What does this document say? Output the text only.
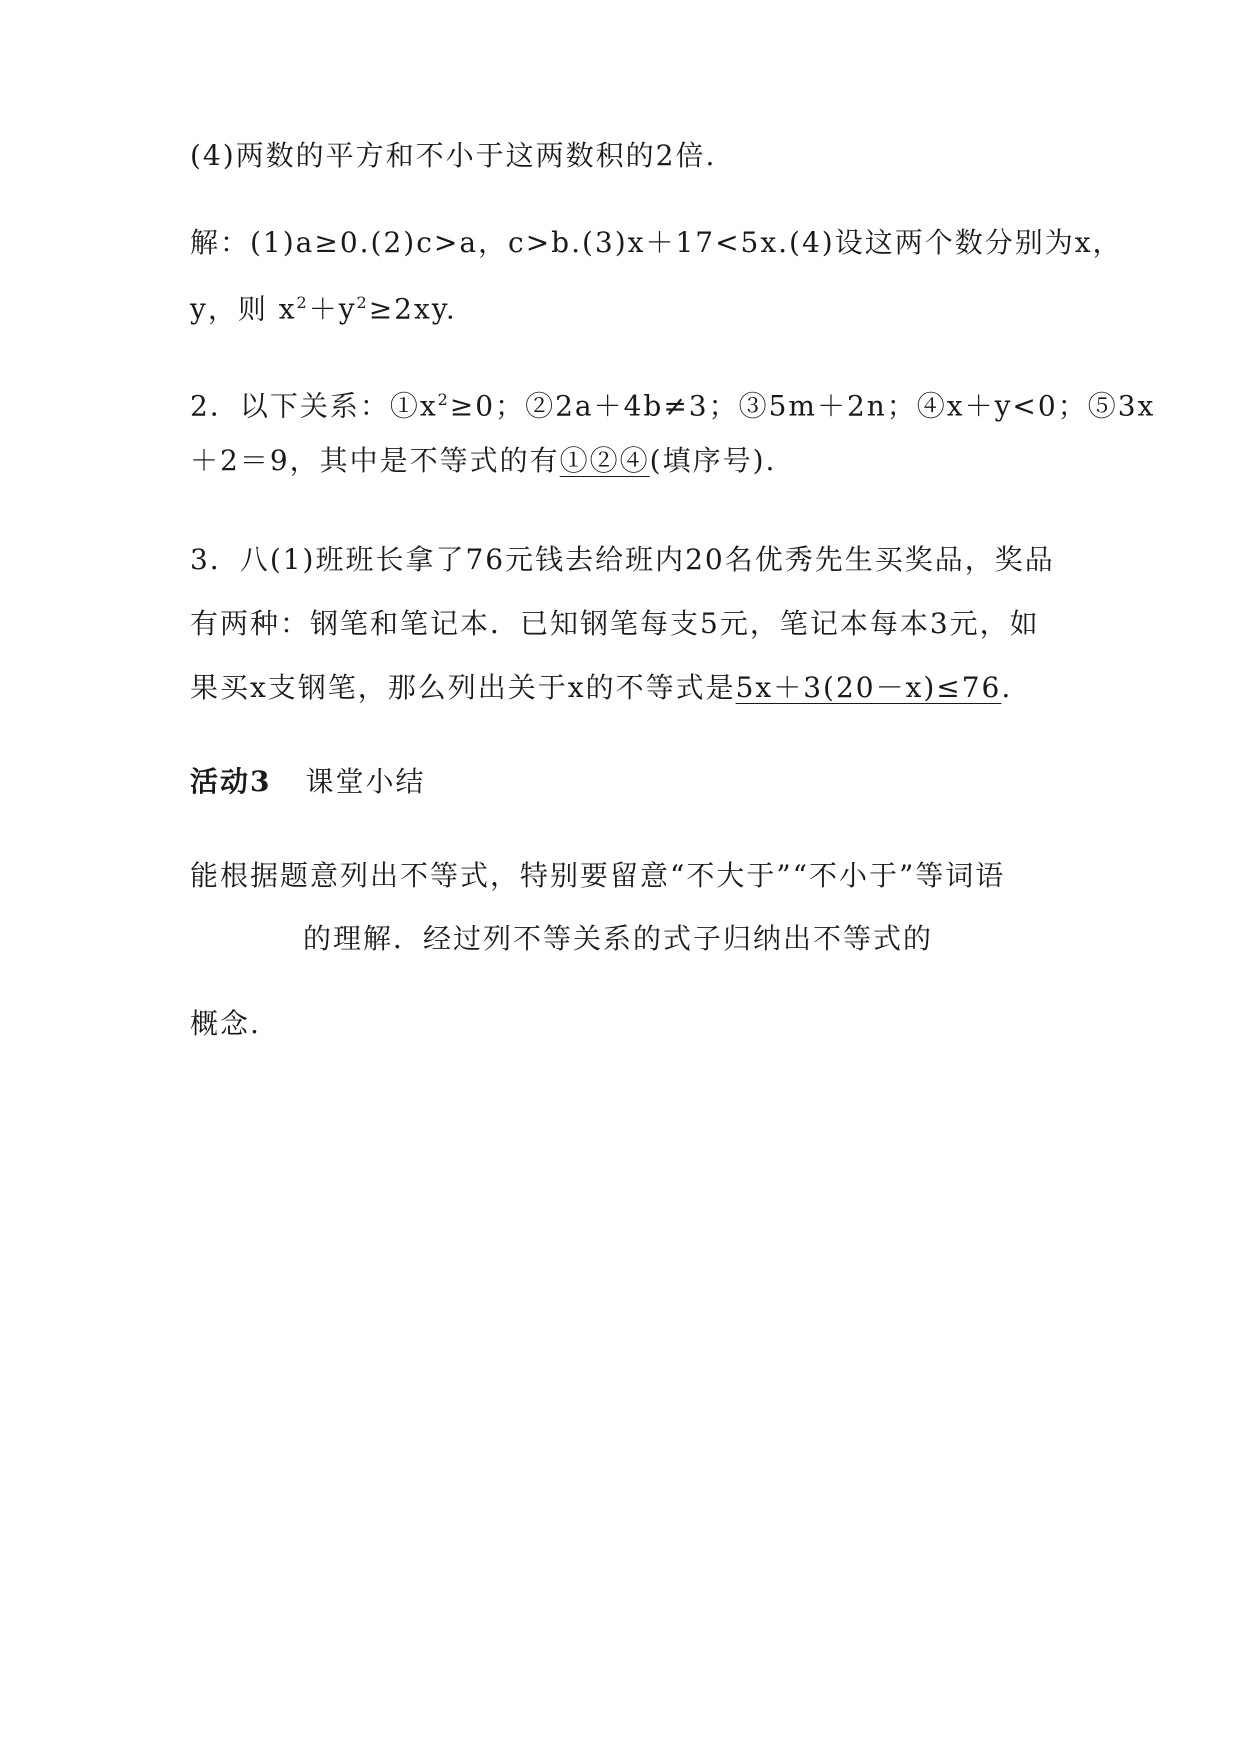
(4)两数的平方和不小于这两数积的2倍.
解：(1)a≥0.(2)c>a，c>b.(3)x＋17<5x.(4)设这两个数分别为x，
y，则 $x^2+y^2\ge 2xy$.
2．以下关系：$①x^2\ge 0$；②2a＋4b≠3；③5m＋2n；④x＋y<0；⑤3x
＋2＝9，其中是不等式的有①②④(填序号).
3．八(1)班班长拿了76元钱去给班内20名优秀先生买奖品，奖品
有两种：钢笔和笔记本．已知钢笔每支5元，笔记本每本3元，如
果买x支钢笔，那么列出关于x的不等式是5x＋3(20－x)≤76.
活动3 课堂小结
能根据题意列出不等式，特别要留意“不大于”“不小于”等词语
的理解．经过列不等关系的式子归纳出不等式的
概念.
